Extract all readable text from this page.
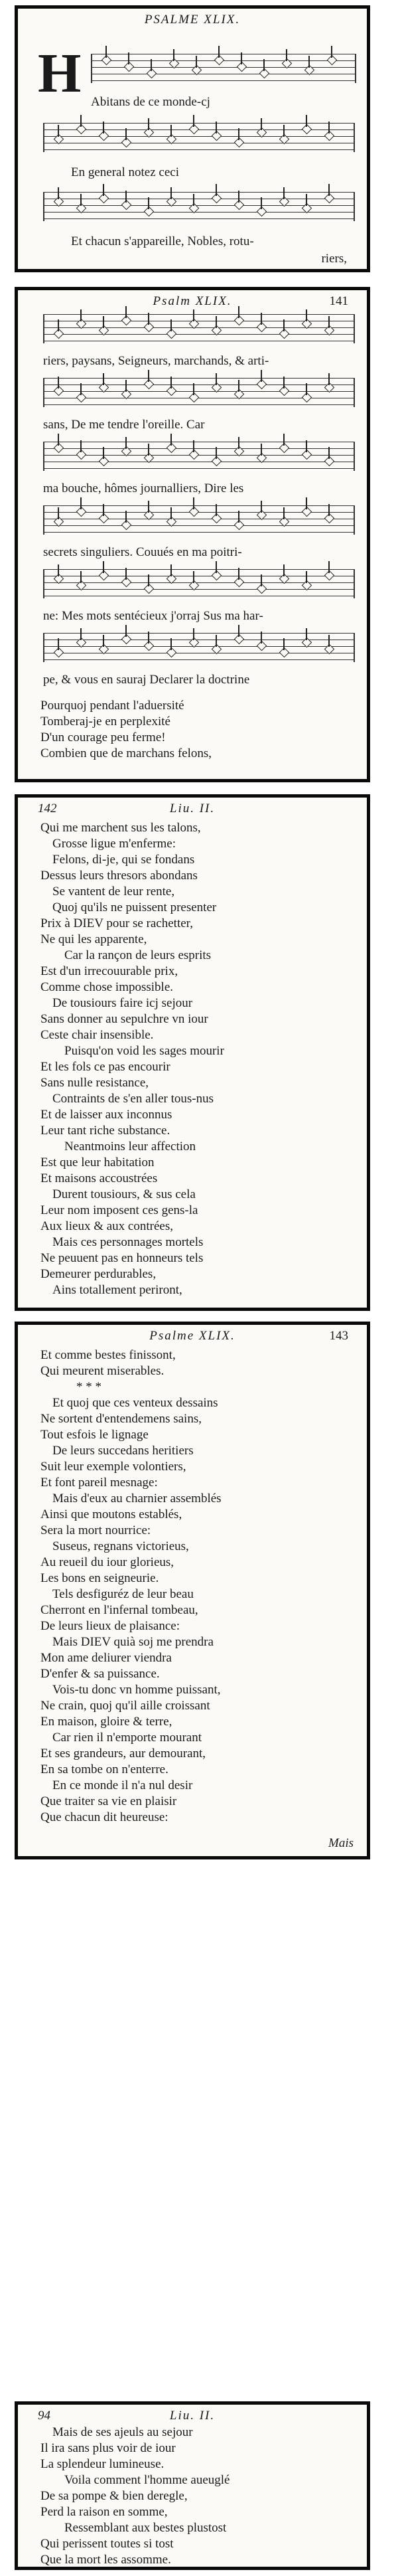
PSALME XLIX.
H Abitans de ce monde-cj
En general notez ceci
Et chacun s'appareille, Nobles, rotu-
riers,
Psalm XLIX.	141
riers, paysans, Seigneurs, marchands, & arti-
sans, De me tendre l'oreille. Car
ma bouche, hômes journalliers, Dire les
secrets singuliers. Couués en ma poitri-
ne: Mes mots sentécieux j'orraj Sus ma har-
pe, & vous en sauraj Declarer la doctrine
Pourquoj pendant l'aduersité
Tomberaj-je en perplexité
D'un courage peu ferme!
Combien que de marchans felons,
142	Liu. II.
Qui me marchent sus les talons,
Grosse ligue m'enferme:
Felons, di-je, qui se fondans
Dessus leurs thresors abondans
Se vantent de leur rente,
Quoj qu'ils ne puissent presenter
Prix à DIEV pour se rachetter,
Ne qui les apparente,
Car la rançon de leurs esprits
Est d'un irrecouurable prix,
Comme chose impossible.
De tousiours faire icj sejour
Sans donner au sepulchre vn iour
Ceste chair insensible.
Puisqu'on void les sages mourir
Et les fols ce pas encourir
Sans nulle resistance,
Contraints de s'en aller tous-nus
Et de laisser aux inconnus
Leur tant riche substance.
Neantmoins leur affection
Est que leur habitation
Et maisons accoustrées
Durent tousiours, & sus cela
Leur nom imposent ces gens-la
Aux lieux & aux contrées,
Mais ces personnages mortels
Ne peuuent pas en honneurs tels
Demeurer perdurables,
Ains totallement periront,
Psalme XLIX.	143
Et comme bestes finissont,
Qui meurent miserables.
* * *
Et quoj que ces venteux dessains
Ne sortent d'entendemens sains,
Tout esfois le lignage
De leurs succedans heritiers
Suit leur exemple volontiers,
Et font pareil mesnage:
Mais d'eux au charnier assemblés
Ainsi que moutons establés,
Sera la mort nourrice:
Suseus, regnans victorieus,
Au reueil du iour glorieus,
Les bons en seigneurie.
Tels desfiguréz de leur beau
Cherront en l'infernal tombeau,
De leurs lieux de plaisance:
Mais DIEV quià soj me prendra
Mon ame deliurer viendra
D'enfer & sa puissance.
Vois-tu donc vn homme puissant,
Ne crain, quoj qu'il aille croissant
En maison, gloire & terre,
Car rien il n'emporte mourant
Et ses grandeurs, aur demourant,
En sa tombe on n'enterre.
En ce monde il n'a nul desir
Que traiter sa vie en plaisir
Que chacun dit heureuse:
Mais
94	Liu. II.
Mais de ses ajeuls au sejour
Il ira sans plus voir de iour
La splendeur lumineuse.
Voila comment l'homme aueuglé
De sa pompe & bien deregle,
Perd la raison en somme,
Ressemblant aux bestes plustost
Qui perissent toutes si tost
Que la mort les assomme.
